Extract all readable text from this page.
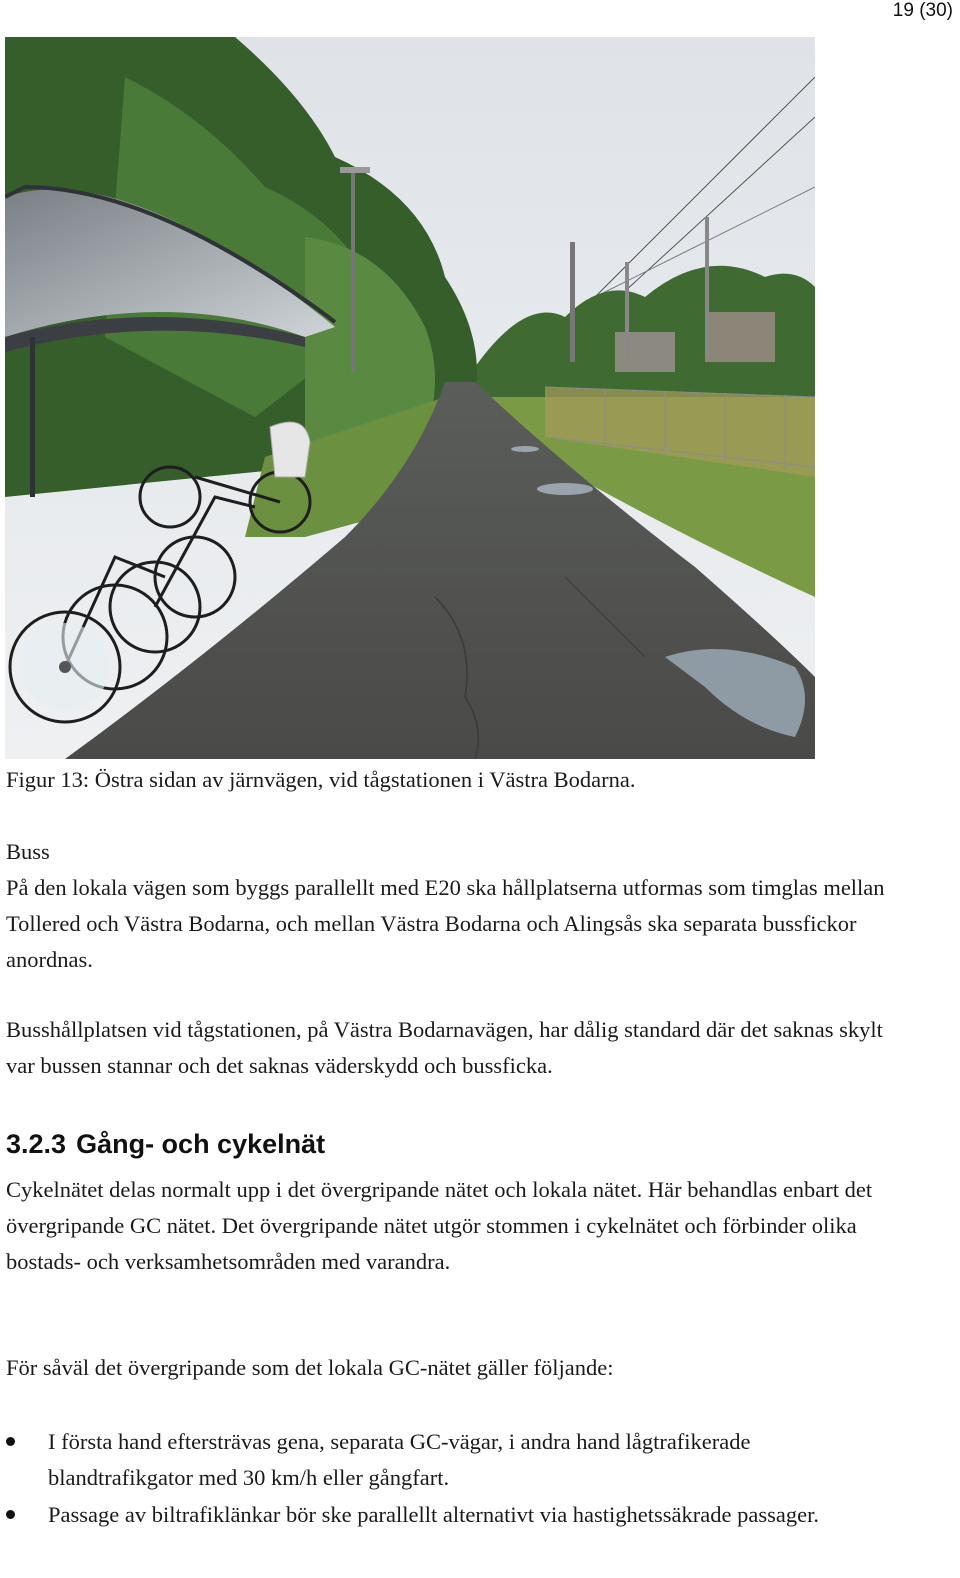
19 (30)

Figur 13: Östra sidan av järnvägen, vid tågstationen i Västra Bodarna.

Buss
På den lokala vägen som byggs parallellt med E20 ska hållplatserna utformas som timglas mellan Tollered och Västra Bodarna, och mellan Västra Bodarna och Alingsås ska separata bussfickor anordnas.

Busshållplatsen vid tågstationen, på Västra Bodarnavägen, har dålig standard där det saknas skylt var bussen stannar och det saknas väderskydd och bussficka.

3.2.3 Gång- och cykelnät

Cykelnätet delas normalt upp i det övergripande nätet och lokala nätet. Här behandlas enbart det övergripande GC nätet. Det övergripande nätet utgör stommen i cykelnätet och förbinder olika bostads- och verksamhetsområden med varandra.

För såväl det övergripande som det lokala GC-nätet gäller följande:

I första hand eftersträvas gena, separata GC-vägar, i andra hand lågtrafikerade blandtrafikgator med 30 km/h eller gångfart.
Passage av biltrafiklänkar bör ske parallellt alternativt via hastighetssäkrade passager.
